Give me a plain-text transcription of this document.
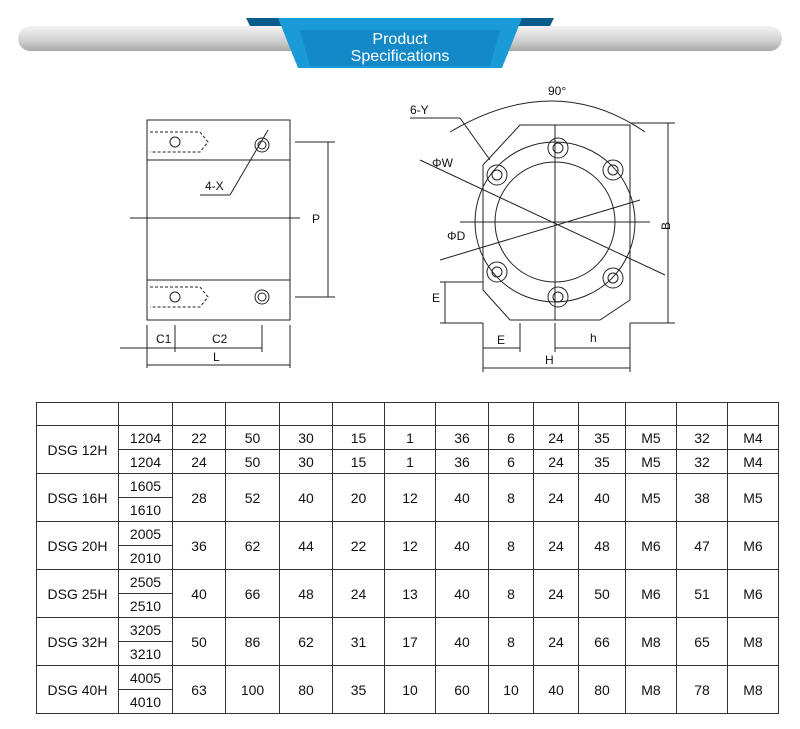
Product
Specifications
4-X
P
C1	C2
L
90°
6-Y
ΦW
ΦD
B
E
E	h
H

DSG 12H	1204	22	50	30	15	1	36	6	24	35	M5	32	M4
	1204	24	50	30	15	1	36	6	24	35	M5	32	M4
DSG 16H	1605	28	52	40	20	12	40	8	24	40	M5	38	M5
	1610												
DSG 20H	2005	36	62	44	22	12	40	8	24	48	M6	47	M6
	2010												
DSG 25H	2505	40	66	48	24	13	40	8	24	50	M6	51	M6
	2510												
DSG 32H	3205	50	86	62	31	17	40	8	24	66	M8	65	M8
	3210												
DSG 40H	4005	63	100	80	35	10	60	10	40	80	M8	78	M8
	4010												
